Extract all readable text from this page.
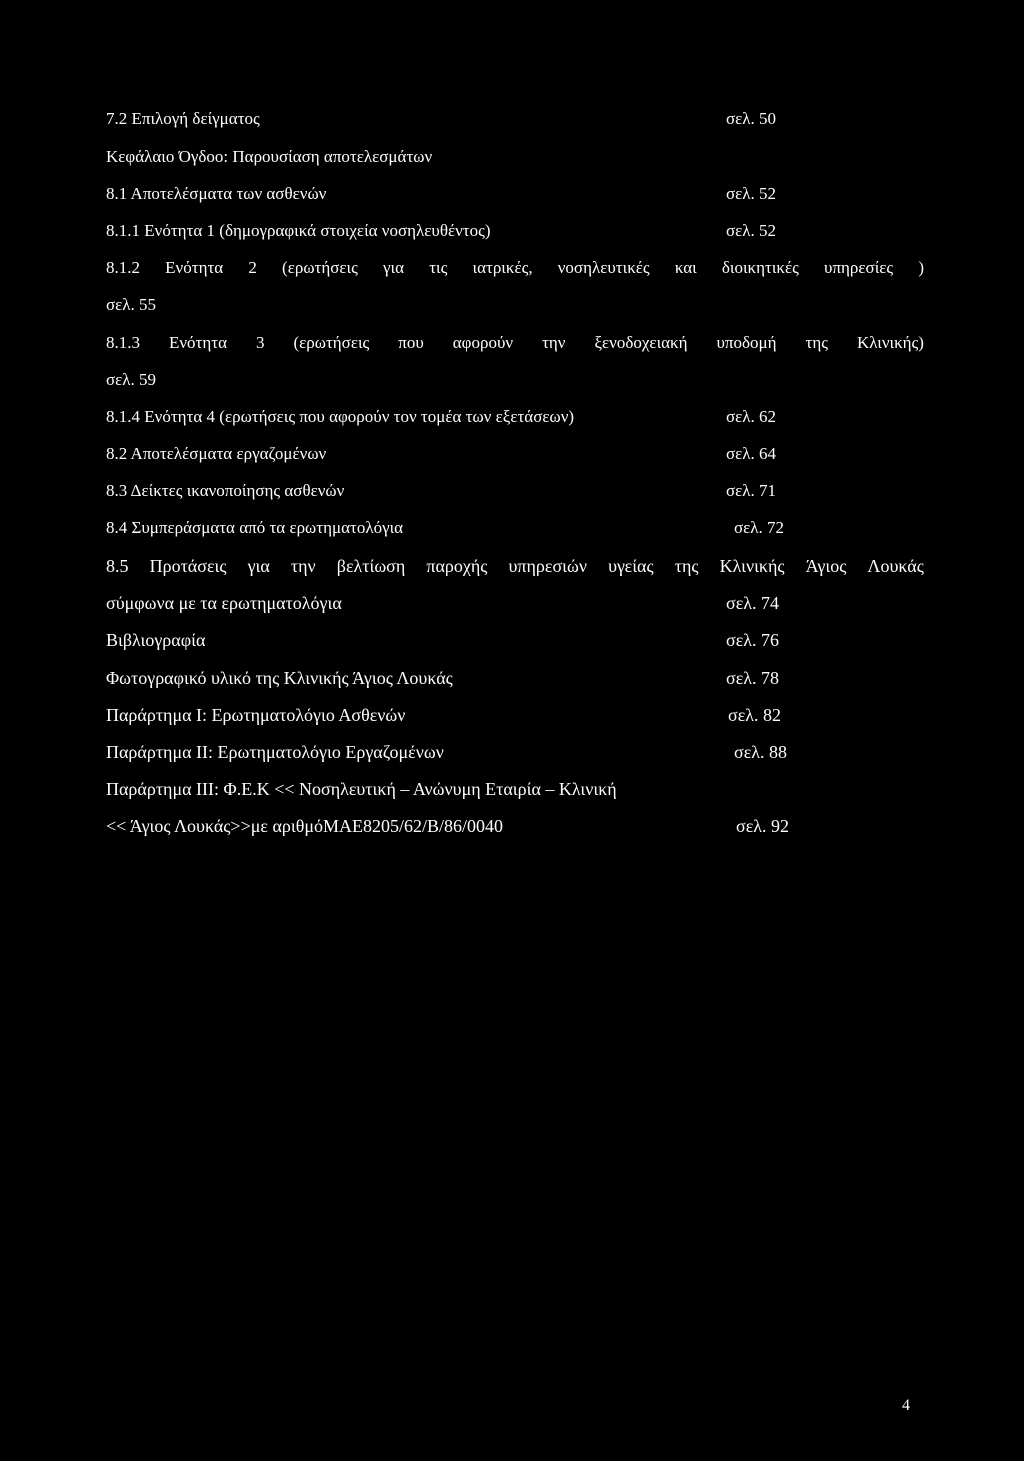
7.2 Επιλογή δείγματος	σελ. 50
Κεφάλαιο Όγδοο: Παρουσίαση αποτελεσμάτων
8.1 Αποτελέσματα των ασθενών	σελ. 52
8.1.1 Ενότητα 1 (δημογραφικά στοιχεία νοσηλευθέντος)	σελ. 52
8.1.2 Ενότητα 2 (ερωτήσεις για τις ιατρικές, νοσηλευτικές και διοικητικές υπηρεσίες )
σελ. 55
8.1.3 Ενότητα 3 (ερωτήσεις που αφορούν την ξενοδοχειακή υποδομή της Κλινικής)
σελ. 59
8.1.4 Ενότητα 4 (ερωτήσεις που αφορούν τον τομέα των εξετάσεων)	σελ. 62
8.2 Αποτελέσματα εργαζομένων	σελ. 64
8.3 Δείκτες ικανοποίησης ασθενών	σελ. 71
8.4 Συμπεράσματα από τα ερωτηματολόγια	σελ. 72
8.5 Προτάσεις για την βελτίωση παροχής υπηρεσιών υγείας της Κλινικής Άγιος Λουκάς
σύμφωνα με τα ερωτηματολόγια	σελ. 74
Βιβλιογραφία	σελ. 76
Φωτογραφικό υλικό της Κλινικής Άγιος Λουκάς	σελ. 78
Παράρτημα Ι: Ερωτηματολόγιο Ασθενών	σελ. 82
Παράρτημα ΙΙ: Ερωτηματολόγιο Εργαζομένων	σελ. 88
Παράρτημα ΙΙΙ: Φ.Ε.Κ << Νοσηλευτική – Ανώνυμη Εταιρία – Κλινική
<< Άγιος Λουκάς>>με αριθμόΜΑΕ8205/62/Β/86/0040	σελ. 92
4
